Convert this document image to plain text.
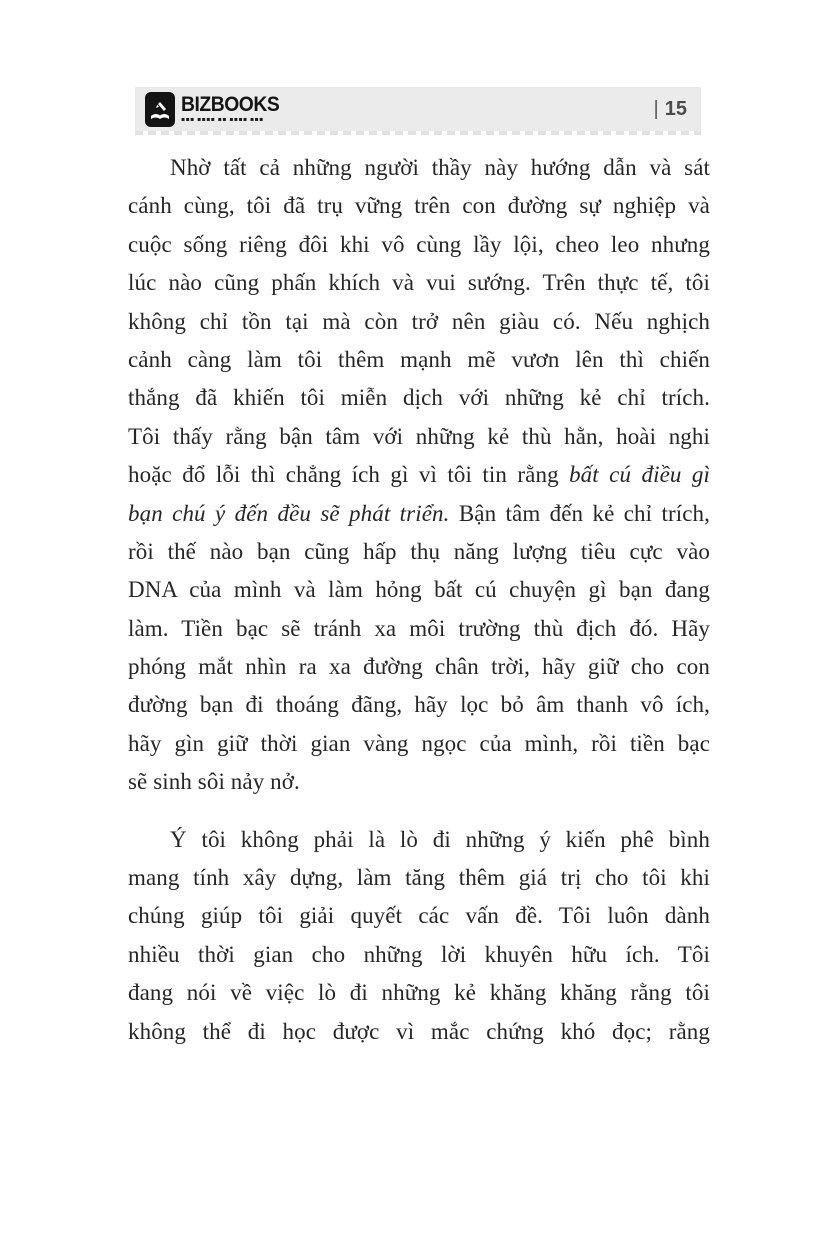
BIZBOOKS
▪▪▪ ▪▪▪▪ ▪▪ ▪▪▪▪ ▪▪▪	| 15
Nhờ tất cả những người thầy này hướng dẫn và sát
cánh cùng, tôi đã trụ vững trên con đường sự nghiệp và
cuộc sống riêng đôi khi vô cùng lầy lội, cheo leo nhưng
lúc nào cũng phấn khích và vui sướng. Trên thực tế, tôi
không chỉ tồn tại mà còn trở nên giàu có. Nếu nghịch
cảnh càng làm tôi thêm mạnh mẽ vươn lên thì chiến
thắng đã khiến tôi miễn dịch với những kẻ chỉ trích.
Tôi thấy rằng bận tâm với những kẻ thù hằn, hoài nghi
hoặc đổ lỗi thì chẳng ích gì vì tôi tin rằng bất cú điều gì
bạn chú ý đến đều sẽ phát triển. Bận tâm đến kẻ chỉ trích,
rồi thế nào bạn cũng hấp thụ năng lượng tiêu cực vào
DNA của mình và làm hỏng bất cú chuyện gì bạn đang
làm. Tiền bạc sẽ tránh xa môi trường thù địch đó. Hãy
phóng mắt nhìn ra xa đường chân trời, hãy giữ cho con
đường bạn đi thoáng đãng, hãy lọc bỏ âm thanh vô ích,
hãy gìn giữ thời gian vàng ngọc của mình, rồi tiền bạc
sẽ sinh sôi nảy nở.
Ý tôi không phải là lò đi những ý kiến phê bình
mang tính xây dựng, làm tăng thêm giá trị cho tôi khi
chúng giúp tôi giải quyết các vấn đề. Tôi luôn dành
nhiều thời gian cho những lời khuyên hữu ích. Tôi
đang nói về việc lò đi những kẻ khăng khăng rằng tôi
không thể đi học được vì mắc chứng khó đọc; rằng
